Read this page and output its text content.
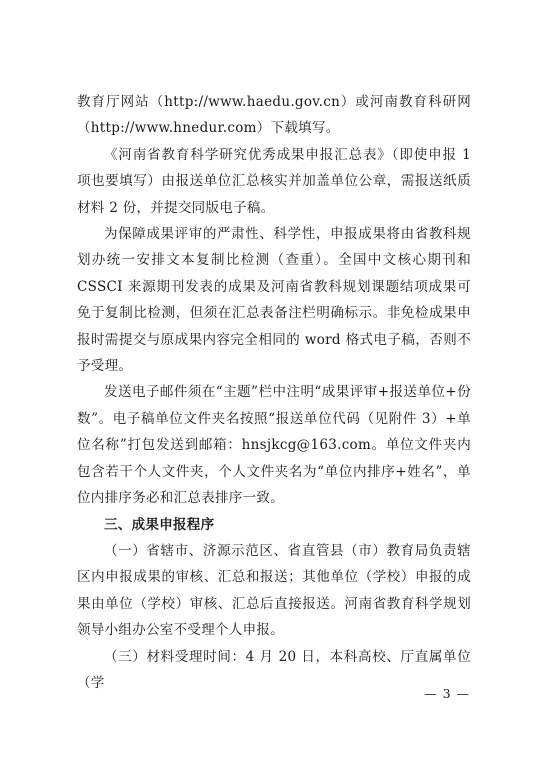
教育厅网站（http://www.haedu.gov.cn）或河南教育科研网（http://www.hnedur.com）下载填写。

《河南省教育科学研究优秀成果申报汇总表》（即使申报 1 项也要填写）由报送单位汇总核实并加盖单位公章，需报送纸质材料 2 份，并提交同版电子稿。

为保障成果评审的严肃性、科学性，申报成果将由省教科规划办统一安排文本复制比检测（查重）。全国中文核心期刊和 CSSCI 来源期刊发表的成果及河南省教科规划课题结项成果可免于复制比检测，但须在汇总表备注栏明确标示。非免检成果申报时需提交与原成果内容完全相同的 word 格式电子稿，否则不予受理。

发送电子邮件须在“主题”栏中注明“成果评审+报送单位+份数”。电子稿单位文件夹名按照“报送单位代码（见附件 3）+单位名称”打包发送到邮箱：hnsjkcg@163.com。单位文件夹内包含若干个人文件夹，个人文件夹名为“单位内排序+姓名”，单位内排序务必和汇总表排序一致。

三、成果申报程序

（一）省辖市、济源示范区、省直管县（市）教育局负责辖区内申报成果的审核、汇总和报送；其他单位（学校）申报的成果由单位（学校）审核、汇总后直接报送。河南省教育科学规划领导小组办公室不受理个人申报。

（三）材料受理时间：4 月 20 日，本科高校、厅直属单位（学

— 3 —
